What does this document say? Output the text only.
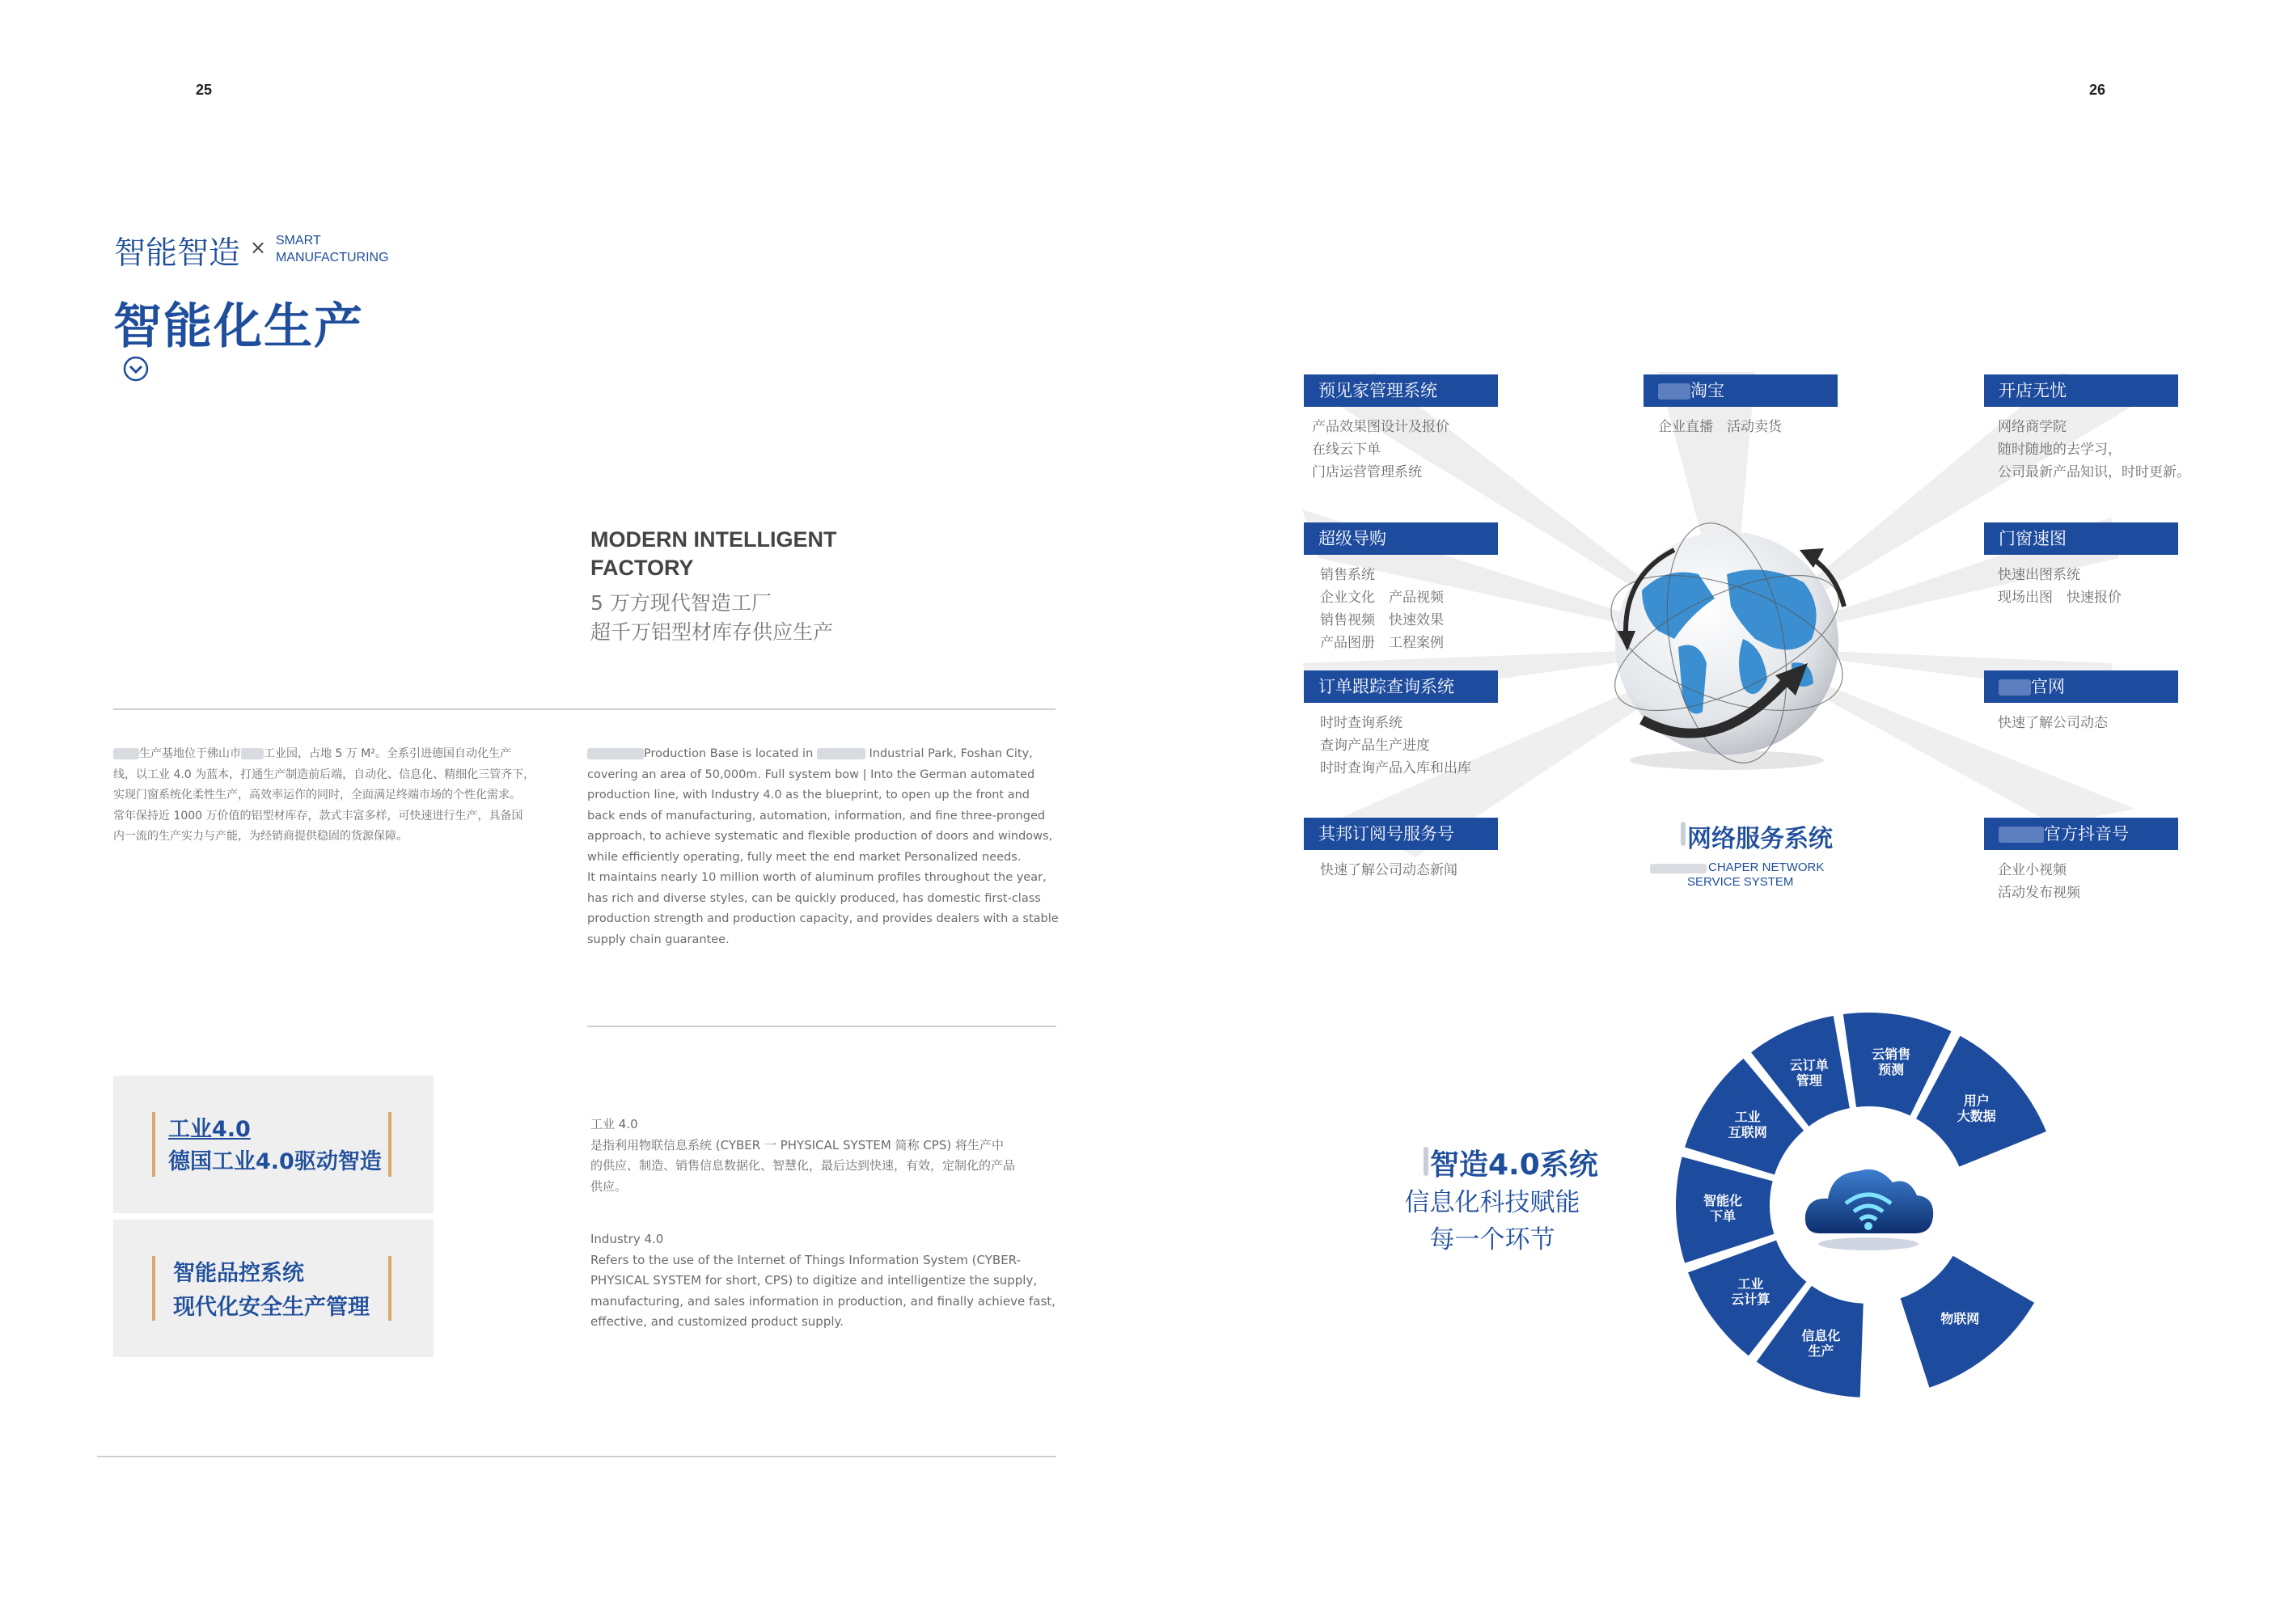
25
智能智造 × SMART
MANUFACTURING
智能化生产
MODERN INTELLIGENT
FACTORY
5 万方现代智造工厂
超千万铝型材库存供应生产
生产基地位于佛山市 工业园，占地 5 万 M²。全系引进德国自动化生产
线，以工业 4.0 为蓝本，打通生产制造前后端，自动化、信息化、精细化三管齐下，
实现门窗系统化柔性生产，高效率运作的同时，全面满足终端市场的个性化需求。
常年保持近 1000 万价值的铝型材库存，款式丰富多样，可快速进行生产，具备国
内一流的生产实力与产能，为经销商提供稳固的货源保障。
Production Base is located in	Industrial Park, Foshan City,
covering an area of 50,000m. Full system bow | Into the German automated
production line, with Industry 4.0 as the blueprint, to open up the front and
back ends of manufacturing, automation, information, and fine three-pronged
approach, to achieve systematic and flexible production of doors and windows,
while efficiently operating, fully meet the end market Personalized needs.
It maintains nearly 10 million worth of aluminum profiles throughout the year,
has rich and diverse styles, can be quickly produced, has domestic first-class
production strength and production capacity, and provides dealers with a stable
supply chain guarantee.
工业4.0
德国工业4.0驱动智造
智能品控系统
现代化安全生产管理
工业 4.0
是指利用物联信息系统 (CYBER 一 PHYSICAL SYSTEM 简称 CPS) 将生产中
的供应、制造、销售信息数据化、智慧化，最后达到快速，有效，定制化的产品
供应。
Industry 4.0
Refers to the use of the Internet of Things Information System (CYBER-
PHYSICAL SYSTEM for short, CPS) to digitize and intelligentize the supply,
manufacturing, and sales information in production, and finally achieve fast,
effective, and customized product supply.
26
网络服务系统
CHAPER NETWORK
SERVICE SYSTEM
预见家管理系统
产品效果图设计及报价
在线云下单
门店运营管理系统
淘宝
企业直播　活动卖货
开店无忧
网络商学院
随时随地的去学习，
公司最新产品知识，时时更新。
超级导购
销售系统
企业文化　产品视频
销售视频　快速效果
产品图册　工程案例
门窗速图
快速出图系统
现场出图　快速报价
订单跟踪查询系统
时时查询系统
查询产品生产进度
时时查询产品入库和出库
官网
快速了解公司动态
其邦订阅号服务号
快速了解公司动态新闻
官方抖音号
企业小视频
活动发布视频
智造4.0系统
信息化科技赋能
每一个环节
云订单
管理
云销售
预测
用户
大数据
工业
互联网
智能化
下单
工业
云计算
信息化
生产
物联网
